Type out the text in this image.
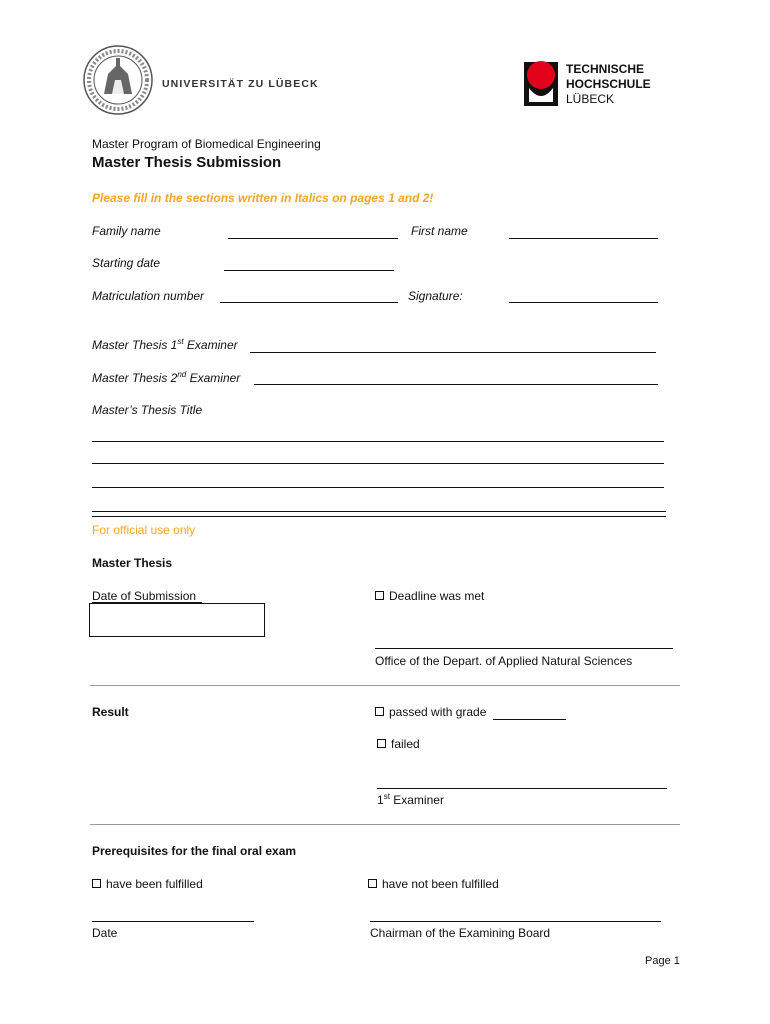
UNIVERSITÄT ZU LÜBECK
TECHNISCHE
HOCHSCHULE
LÜBECK
Master Program of Biomedical Engineering
Master Thesis Submission
Please fill in the sections written in Italics on pages 1 and 2!
Family name	First name
Starting date
Matriculation number	Signature:
Master Thesis 1st Examiner
Master Thesis 2nd Examiner
Master’s Thesis Title
For official use only
Master Thesis
Date of Submission	Deadline was met
Office of the Depart. of Applied Natural Sciences
Result	passed with grade
failed
1st Examiner
Prerequisites for the final oral exam
have been fulfilled	have not been fulfilled
Date	Chairman of the Examining Board
Page 1
